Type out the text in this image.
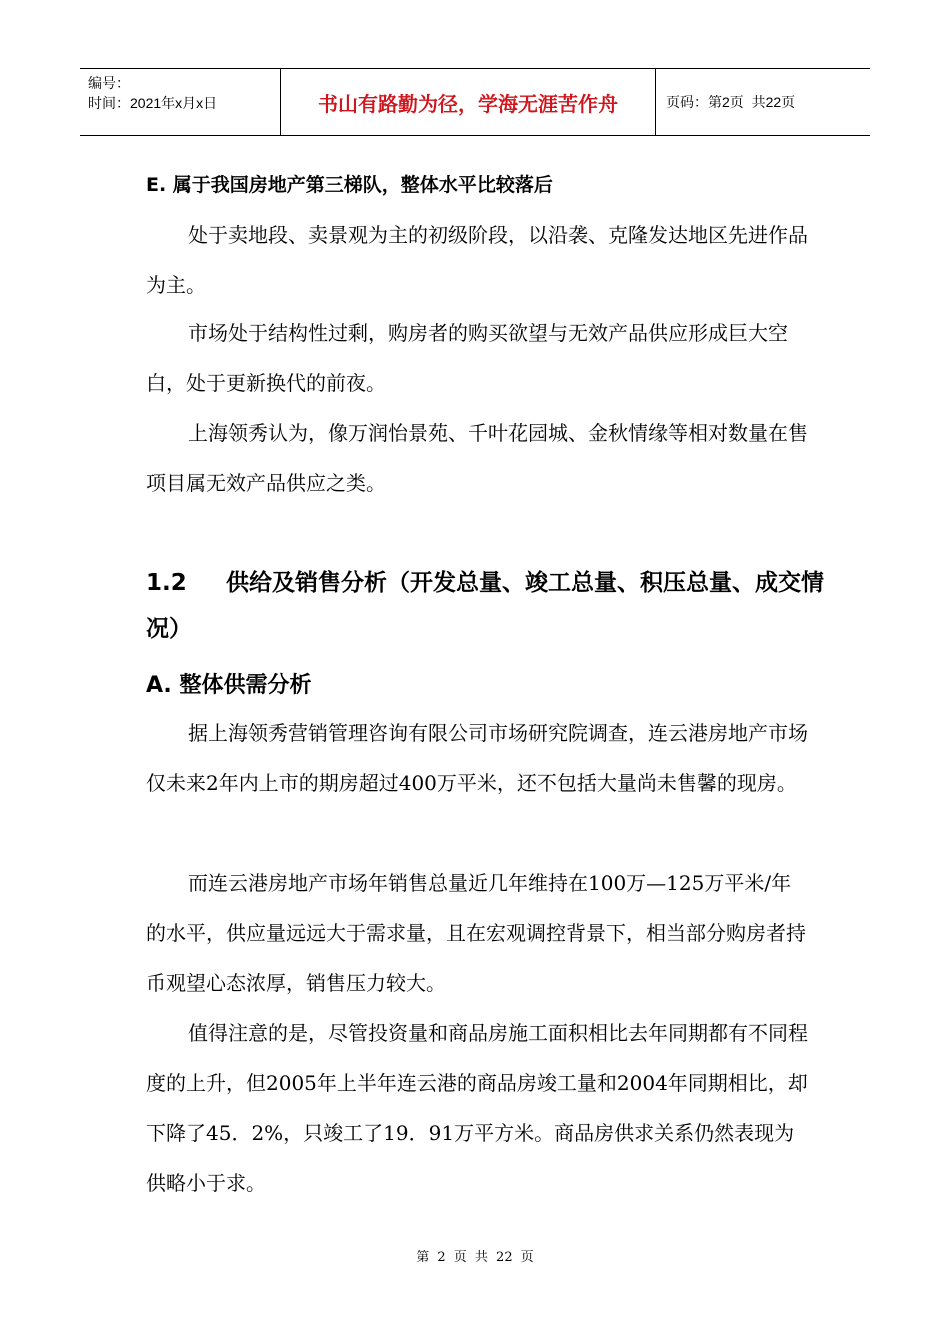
编号：
时间：2021年x月x日	书山有路勤为径，学海无涯苦作舟	页码：第2页  共22页
E. 属于我国房地产第三梯队，整体水平比较落后
处于卖地段、卖景观为主的初级阶段，以沿袭、克隆发达地区先进作品为主。
市场处于结构性过剩，购房者的购买欲望与无效产品供应形成巨大空白，处于更新换代的前夜。
上海领秀认为，像万润怡景苑、千叶花园城、金秋情缘等相对数量在售项目属无效产品供应之类。
1.2 供给及销售分析（开发总量、竣工总量、积压总量、成交情况）
A. 整体供需分析
据上海领秀营销管理咨询有限公司市场研究院调查，连云港房地产市场仅未来2年内上市的期房超过400万平米，还不包括大量尚未售馨的现房。
而连云港房地产市场年销售总量近几年维持在100万—125万平米/年的水平，供应量远远大于需求量，且在宏观调控背景下，相当部分购房者持币观望心态浓厚，销售压力较大。
值得注意的是，尽管投资量和商品房施工面积相比去年同期都有不同程度的上升，但2005年上半年连云港的商品房竣工量和2004年同期相比，却下降了45．2%，只竣工了19．91万平方米。商品房供求关系仍然表现为供略小于求。
第 2 页 共 22 页
